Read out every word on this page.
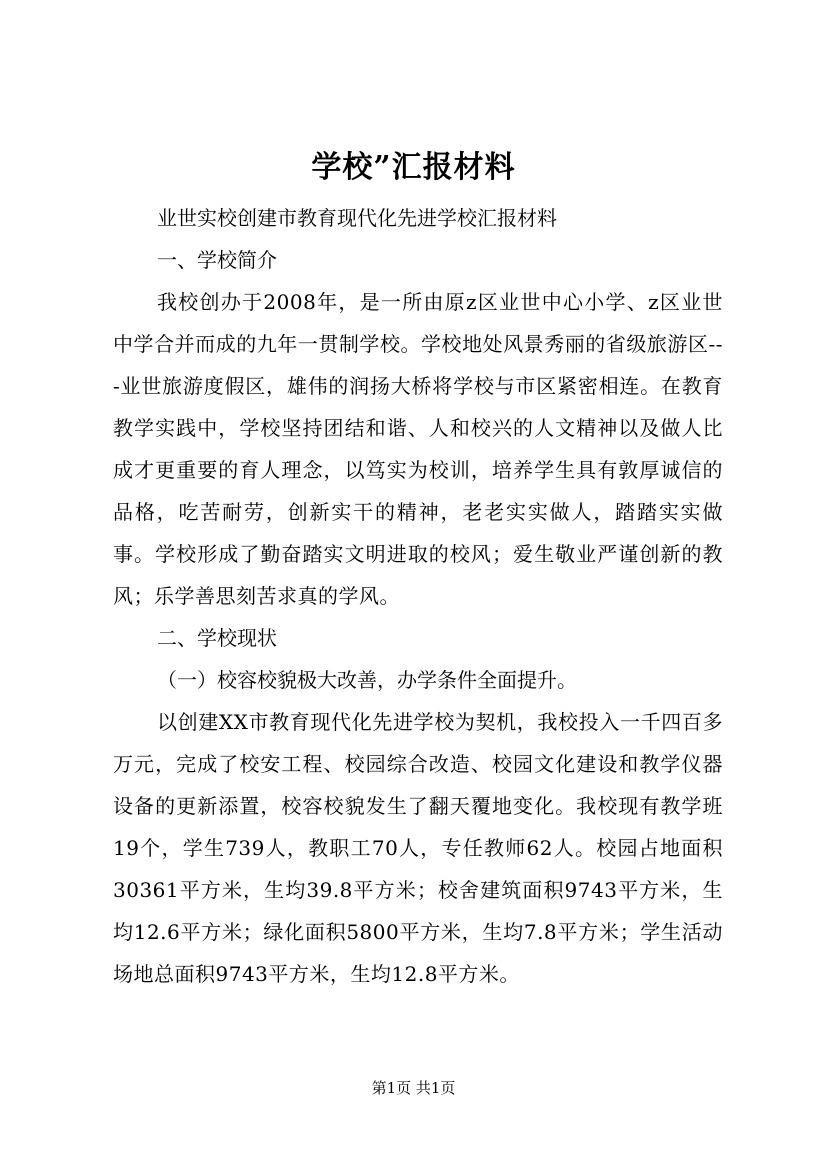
学校”汇报材料
业世实校创建市教育现代化先进学校汇报材料
一、学校简介
我校创办于2008年，是一所由原z区业世中心小学、z区业世中学合并而成的九年一贯制学校。学校地处风景秀丽的省级旅游区---业世旅游度假区，雄伟的润扬大桥将学校与市区紧密相连。在教育教学实践中，学校坚持团结和谐、人和校兴的人文精神以及做人比成才更重要的育人理念，以笃实为校训，培养学生具有敦厚诚信的品格，吃苦耐劳，创新实干的精神，老老实实做人，踏踏实实做事。学校形成了勤奋踏实文明进取的校风；爱生敬业严谨创新的教风；乐学善思刻苦求真的学风。
二、学校现状
（一）校容校貌极大改善，办学条件全面提升。
以创建XX市教育现代化先进学校为契机，我校投入一千四百多万元，完成了校安工程、校园综合改造、校园文化建设和教学仪器设备的更新添置，校容校貌发生了翻天覆地变化。我校现有教学班19个，学生739人，教职工70人，专任教师62人。校园占地面积30361平方米，生均39.8平方米；校舍建筑面积9743平方米，生均12.6平方米；绿化面积5800平方米，生均7.8平方米；学生活动场地总面积9743平方米，生均12.8平方米。
第1页 共1页
